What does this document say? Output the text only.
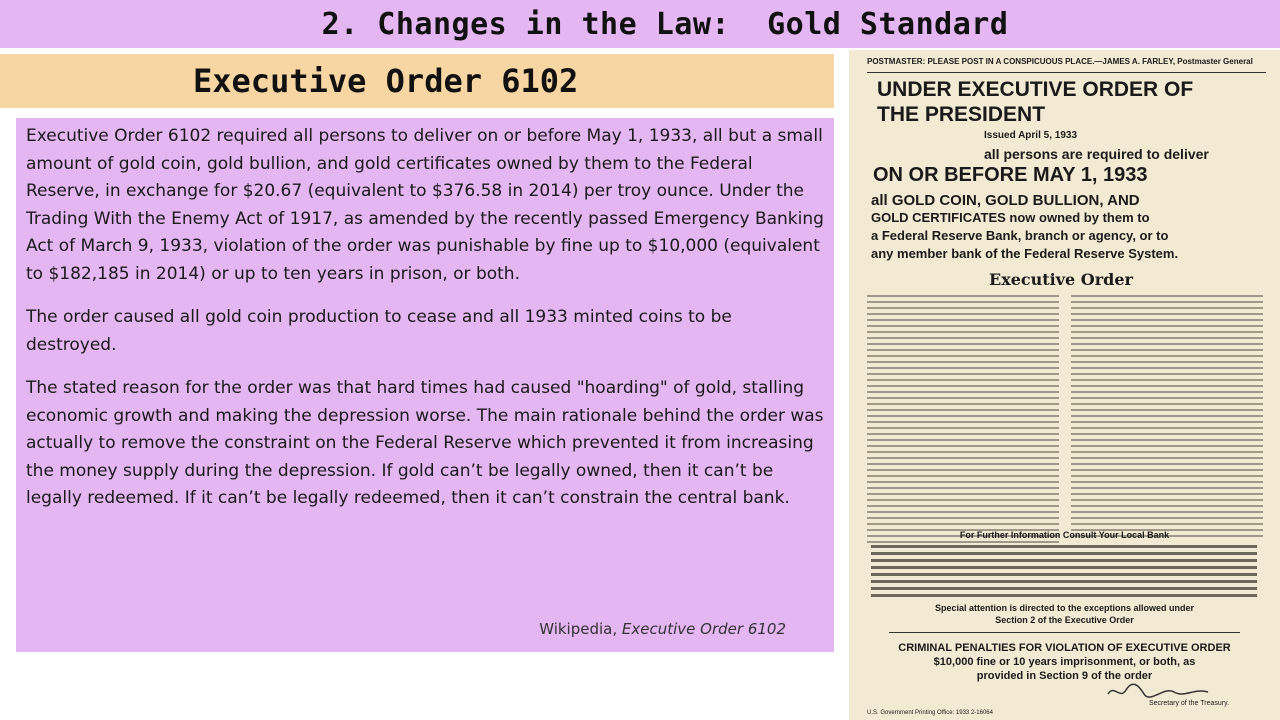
2. Changes in the Law:  Gold Standard
Executive Order 6102

Executive Order 6102 required all persons to deliver on or before May 1, 1933, all but a small amount of gold coin, gold bullion, and gold certificates owned by them to the Federal Reserve, in exchange for $20.67 (equivalent to $376.58 in 2014) per troy ounce. Under the Trading With the Enemy Act of 1917, as amended by the recently passed Emergency Banking Act of March 9, 1933, violation of the order was punishable by fine up to $10,000 (equivalent to $182,185 in 2014) or up to ten years in prison, or both.

The order caused all gold coin production to cease and all 1933 minted coins to be destroyed.

The stated reason for the order was that hard times had caused "hoarding" of gold, stalling economic growth and making the depression worse. The main rationale behind the order was actually to remove the constraint on the Federal Reserve which prevented it from increasing the money supply during the depression. If gold can’t be legally owned, then it can’t be legally redeemed. If it can’t be legally redeemed, then it can’t constrain the central bank.

Wikipedia, Executive Order 6102
POSTMASTER: PLEASE POST IN A CONSPICUOUS PLACE.—JAMES A. FARLEY, Postmaster General
UNDER EXECUTIVE ORDER OF
THE PRESIDENT
Issued April 5, 1933
all persons are required to deliver
ON OR BEFORE MAY 1, 1933
all GOLD COIN, GOLD BULLION, AND
GOLD CERTIFICATES now owned by them to
a Federal Reserve Bank, branch or agency, or to
any member bank of the Federal Reserve System.
Executive Order
For Further Information Consult Your Local Bank
Special attention is directed to the exceptions allowed under
Section 2 of the Executive Order
CRIMINAL PENALTIES FOR VIOLATION OF EXECUTIVE ORDER
$10,000 fine or 10 years imprisonment, or both, as
provided in Section 9 of the order
Secretary of the Treasury.
U.S. Government Printing Office: 1933 2-16064
